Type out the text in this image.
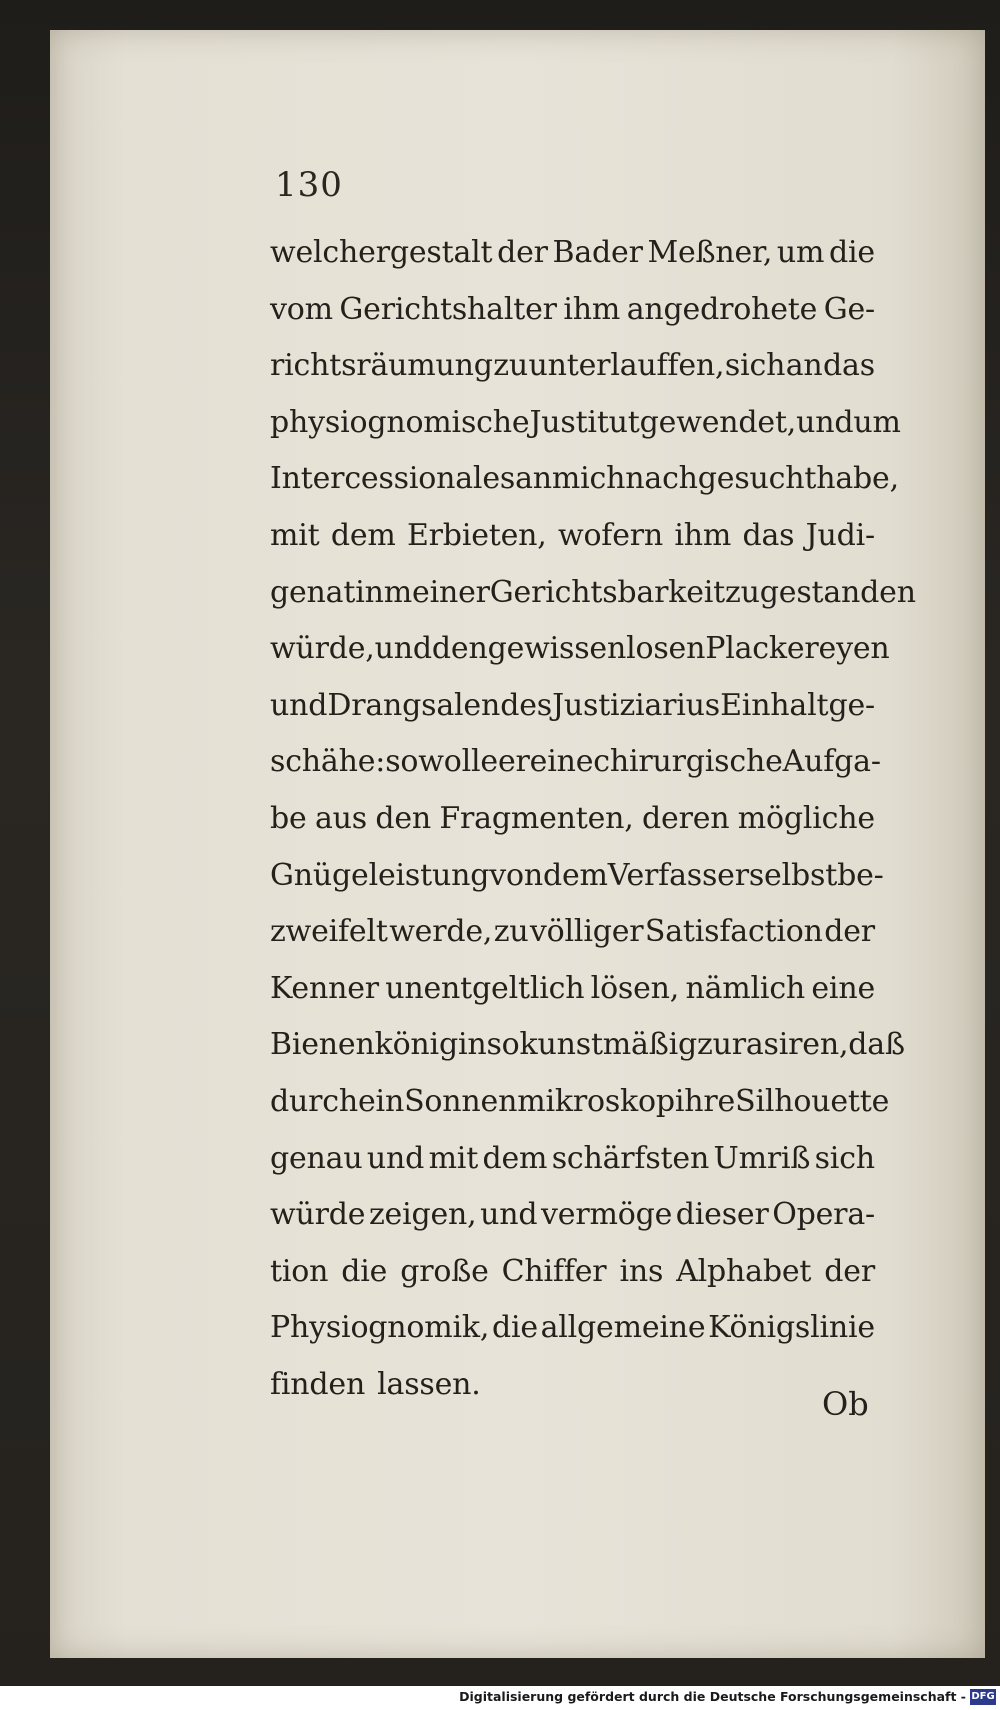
130
welchergestalt der Bader Meßner, um die
vom Gerichtshalter ihm angedrohete Ge-
richtsräumung zu unterlauffen, sich an das
physiognomische Justitut gewendet, und um
Intercessionales an mich nachgesucht habe,
mit dem Erbieten, wofern ihm das Judi-
genat in meiner Gerichtsbarkeit zugestanden
würde, und den gewissenlosen Plackereyen
und Drangsalen des Justiziarius Einhalt ge-
schähe: so wolle er eine chirurgische Aufga-
be aus den Fragmenten, deren mögliche
Gnügeleistung von dem Verfasser selbst be-
zweifelt werde, zu völliger Satisfaction der
Kenner unentgeltlich lösen, nämlich eine
Bienenkönigin so kunstmäßig zu rasiren, daß
durch ein Sonnenmikroskop ihre Silhouette
genau und mit dem schärfsten Umriß sich
würde zeigen, und vermöge dieser Opera-
tion die große Chiffer ins Alphabet der
Physiognomik, die allgemeine Königslinie
finden lassen.
Ob
Digitalisierung gefördert durch die Deutsche Forschungsgemeinschaft - DFG
